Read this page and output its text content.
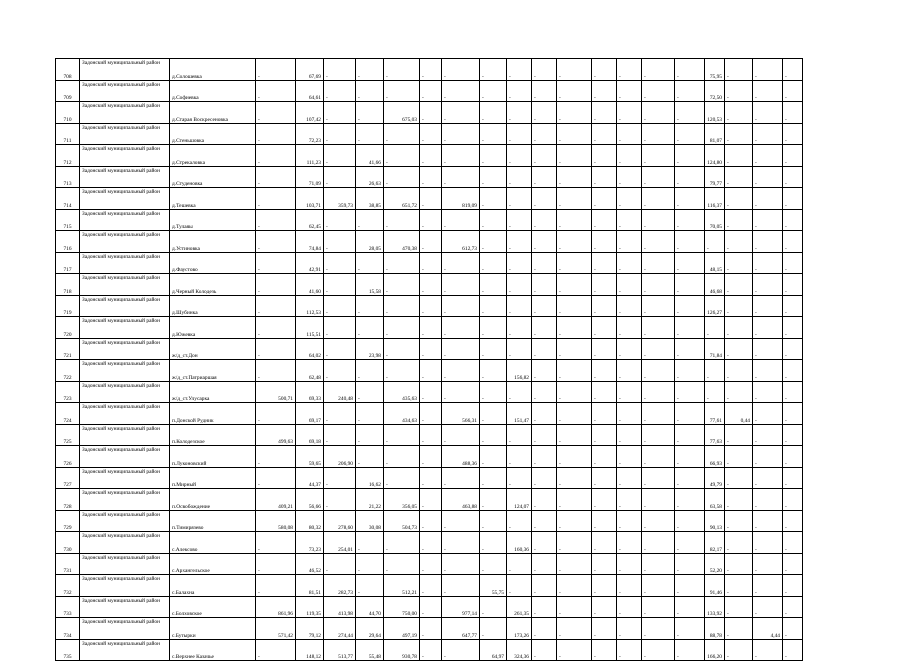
708	Задонский муниципальный район	д.Солошевка	-	67,69	-	-	-	-	-	-	-	-	-	-	-	-	-	75,95	-	-	-	
709	Задонский муниципальный район	д.Софиевка	-	64,61	-	-	-	-	-	-	-	-	-	-	-	-	-	72,50	-	-	-	
710	Задонский муниципальный район	д.Старая Воскресеновка	-	107,42	-	-	675,03	-	-	-	-	-	-	-	-	-	-	120,53	-	-	-	
711	Задонский муниципальный район	д.Стеньшовка	-	72,23	-	-	-	-	-	-	-	-	-	-	-	-	-	81,07	-	-	-	
712	Задонский муниципальный район	д.Стрекаловка	-	111,23	-	41,66	-	-	-	-	-	-	-	-	-	-	-	124,80	-	-	-	
713	Задонский муниципальный район	д.Студеновка	-	71,09	-	26,63	-	-	-	-	-	-	-	-	-	-	-	79,77	-	-	-	
714	Задонский муниципальный район	д.Тешевка	-	103,71	359,73	38,85	651,72	-	819,09	-	-	-	-	-	-	-	-	116,37	-	-	-	
715	Задонский муниципальный район	д.Тулаяы	-	62,45	-	-	-	-	-	-	-	-	-	-	-	-	-	70,05	-	-	-	
716	Задонский муниципальный район	д.Устиновка	-	74,84	-	28,05	470,38	-	612,73	-	-	-	-	-	-	-	-	-	-	-	-	
717	Задонский муниципальный район	д.Фаустово	-	42,91	-	-	-	-	-	-	-	-	-	-	-	-	-	48,15	-	-	-	
718	Задонский муниципальный район	д.Черный Колодезь	-	41,60	-	15,58	-	-	-	-	-	-	-	-	-	-	-	46,68	-	-	-	
719	Задонский муниципальный район	д.Шубинка	-	112,53	-	-	-	-	-	-	-	-	-	-	-	-	-	126,27	-	-	-	
720	Задонский муниципальный район	д.Южевка	-	115,51	-	-	-	-	-	-	-	-	-	-	-	-	-	-	-	-	-	
721	Задонский муниципальный район	ж/д_ст.Дон	-	64,02	-	23,98	-	-	-	-	-	-	-	-	-	-	-	71,84	-	-	-	
722	Задонский муниципальный район	ж/д_ст.Патриаршая	-	62,48	-	-	-	-	-	-	156,82	-	-	-	-	-	-	-	-	-	-	
723	Задонский муниципальный район	ж/д_ст.Улусарка	500,71	69,33	240,48	-	435,63	-	-	-	-	-	-	-	-	-	-	-	-	-	-	
724	Задонский муниципальный район	п.Донской Рудник	-	69,17	-	-	434,63	-	566,31	-	151,47	-	-	-	-	-	-	77,61	0,44	-	-	
725	Задонский муниципальный район	п.Колодезское	499,63	69,18	-	-	-	-	-	-	-	-	-	-	-	-	-	77,63	-	-	-	
726	Задонский муниципальный район	п.Луконовский	-	59,65	206,90	-	-	-	488,36	-	-	-	-	-	-	-	-	66,93	-	-	-	
727	Задонский муниципальный район	п.Мирный	-	44,37	-	16,62	-	-	-	-	-	-	-	-	-	-	-	49,79	-	-	-	
728	Задонский муниципальный район	п.Освобождение	409,21	56,66	-	21,22	356,05	-	463,88	-	124,07	-	-	-	-	-	-	63,58	-	-	-	
729	Задонский муниципальный район	п.Тимирязево	580,08	80,32	278,60	30,08	504,73	-	-	-	-	-	-	-	-	-	-	90,13	-	-	-	
730	Задонский муниципальный район	с.Алексово	-	73,23	254,01	-	-	-	-	-	160,36	-	-	-	-	-	-	82,17	-	-	-	
731	Задонский муниципальный район	с.Архангельское	-	46,52	-	-	-	-	-	-	-	-	-	-	-	-	-	52,20	-	-	-	
732	Задонский муниципальный район	с.Балахна	-	81,51	282,73	-	512,21	-	-	55,75	-	-	-	-	-	-	-	91,46	-	-	-	
733	Задонский муниципальный район	с.Болховское	861,96	119,35	413,98	44,70	750,00	-	977,14	-	261,35	-	-	-	-	-	-	133,92	-	-	-	
734	Задонский муниципальный район	с.Бутырки	571,42	79,12	274,44	29,64	497,19	-	647,77	-	173,26	-	-	-	-	-	-	88,78	-	4,44	-	
735	Задонский муниципальный район	с.Верхнее Казачье	-	148,12	513,77	55,48	930,78	-	-	64,97	324,36	-	-	-	-	-	-	166,20	-	-	-	
